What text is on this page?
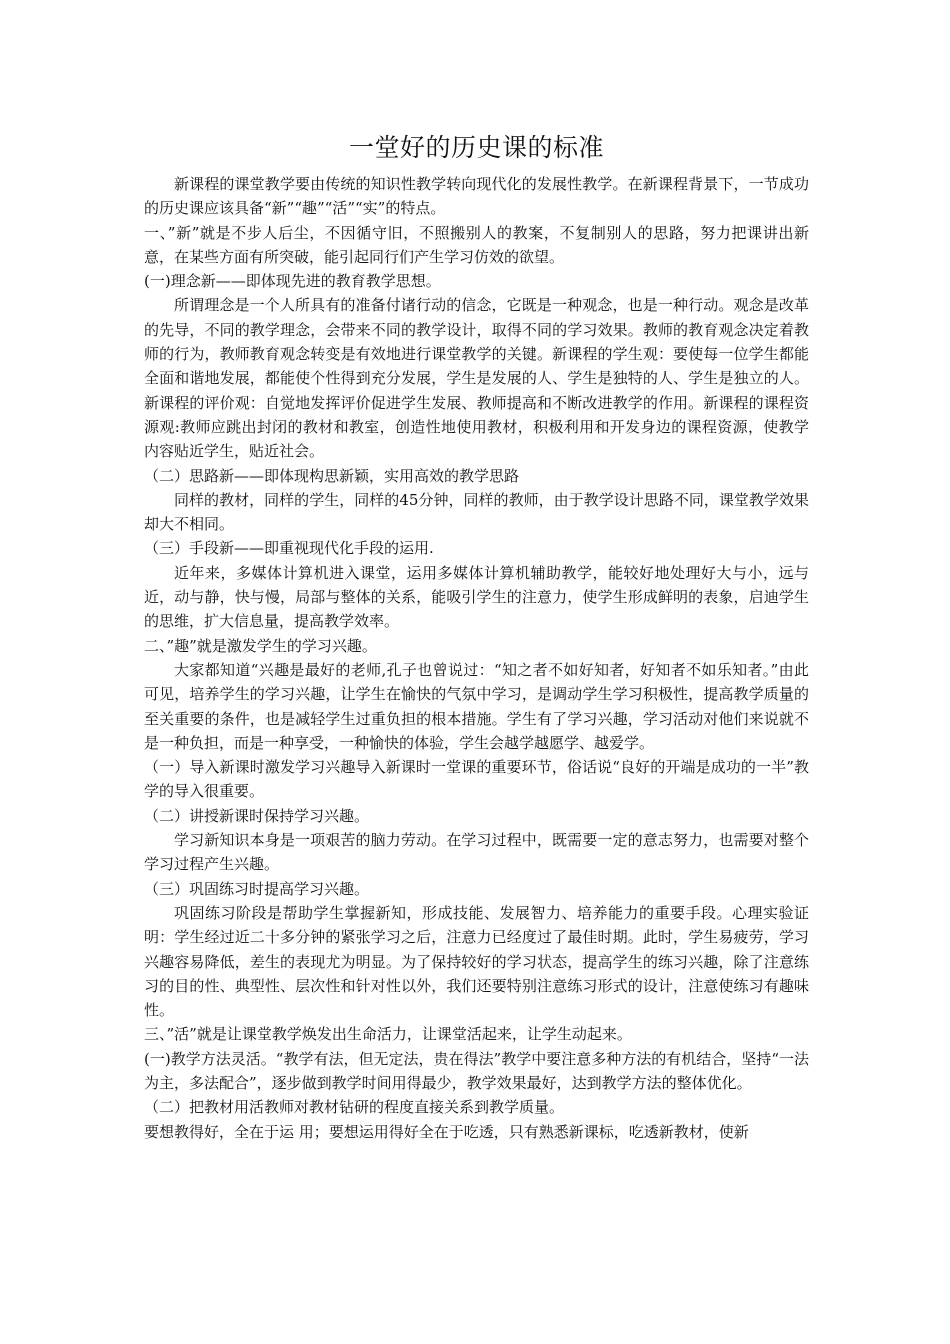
一堂好的历史课的标准

新课程的课堂教学要由传统的知识性教学转向现代化的发展性教学。在新课程背景下，一节成功的历史课应该具备“新”“趣”“活”“实”的特点。

一、”新”就是不步人后尘，不因循守旧，不照搬别人的教案，不复制别人的思路，努力把课讲出新意，在某些方面有所突破，能引起同行们产生学习仿效的欲望。

(一)理念新——即体现先进的教育教学思想。

所谓理念是一个人所具有的准备付诸行动的信念，它既是一种观念，也是一种行动。观念是改革的先导，不同的教学理念，会带来不同的教学设计，取得不同的学习效果。教师的教育观念决定着教师的行为，教师教育观念转变是有效地进行课堂教学的关键。新课程的学生观：要使每一位学生都能全面和谐地发展，都能使个性得到充分发展，学生是发展的人、学生是独特的人、学生是独立的人。新课程的评价观：自觉地发挥评价促进学生发展、教师提高和不断改进教学的作用。新课程的课程资源观:教师应跳出封闭的教材和教室，创造性地使用教材，积极利用和开发身边的课程资源，使教学内容贴近学生，贴近社会。

（二）思路新——即体现构思新颖，实用高效的教学思路

同样的教材，同样的学生，同样的45分钟，同样的教师，由于教学设计思路不同，课堂教学效果却大不相同。

（三）手段新——即重视现代化手段的运用.

近年来，多媒体计算机进入课堂，运用多媒体计算机辅助教学，能较好地处理好大与小，远与近，动与静，快与慢，局部与整体的关系，能吸引学生的注意力，使学生形成鲜明的表象，启迪学生的思维，扩大信息量，提高教学效率。

二、”趣”就是激发学生的学习兴趣。

大家都知道“兴趣是最好的老师,孔子也曾说过：“知之者不如好知者，好知者不如乐知者。”由此可见，培养学生的学习兴趣，让学生在愉快的气氛中学习，是调动学生学习积极性，提高教学质量的至关重要的条件，也是减轻学生过重负担的根本措施。学生有了学习兴趣，学习活动对他们来说就不是一种负担，而是一种享受，一种愉快的体验，学生会越学越愿学、越爱学。

（一）导入新课时激发学习兴趣导入新课时一堂课的重要环节，俗话说“良好的开端是成功的一半”教学的导入很重要。

（二）讲授新课时保持学习兴趣。

学习新知识本身是一项艰苦的脑力劳动。在学习过程中，既需要一定的意志努力，也需要对整个学习过程产生兴趣。

（三）巩固练习时提高学习兴趣。

巩固练习阶段是帮助学生掌握新知，形成技能、发展智力、培养能力的重要手段。心理实验证明：学生经过近二十多分钟的紧张学习之后，注意力已经度过了最佳时期。此时，学生易疲劳，学习兴趣容易降低，差生的表现尤为明显。为了保持较好的学习状态，提高学生的练习兴趣，除了注意练习的目的性、典型性、层次性和针对性以外，我们还要特别注意练习形式的设计，注意使练习有趣味性。

三、”活”就是让课堂教学焕发出生命活力，让课堂活起来，让学生动起来。

(一)教学方法灵活。“教学有法，但无定法，贵在得法”教学中要注意多种方法的有机结合，坚持“一法为主，多法配合”，逐步做到教学时间用得最少，教学效果最好，达到教学方法的整体优化。

（二）把教材用活教师对教材钻研的程度直接关系到教学质量。

要想教得好，全在于运 用；要想运用得好全在于吃透，只有熟悉新课标，吃透新教材，使新
